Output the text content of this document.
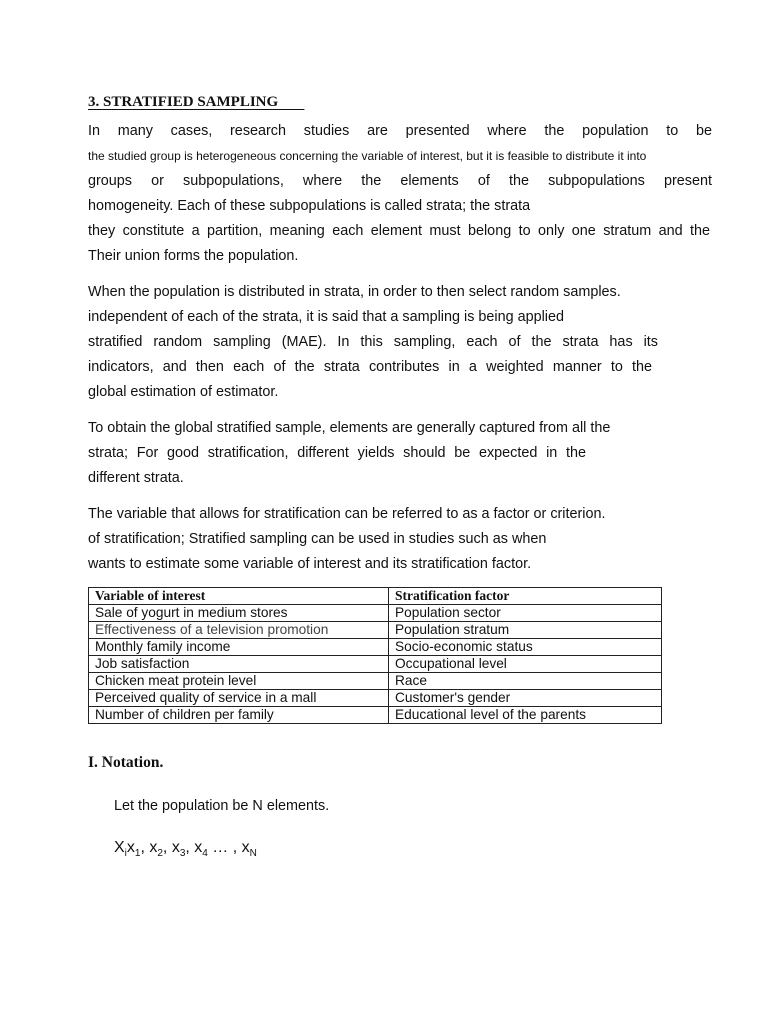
3. STRATIFIED SAMPLING

In many cases, research studies are presented where the population to be

the studied group is heterogeneous concerning the variable of interest, but it is feasible to distribute it into

groups or subpopulations, where the elements of the subpopulations present

homogeneity. Each of these subpopulations is called strata; the strata

they constitute a partition, meaning each element must belong to only one stratum and the

Their union forms the population.

When the population is distributed in strata, in order to then select random samples.

independent of each of the strata, it is said that a sampling is being applied

stratified random sampling (MAE). In this sampling, each of the strata has its

indicators, and then each of the strata contributes in a weighted manner to the

global estimation of estimator.

To obtain the global stratified sample, elements are generally captured from all the

strata; For good stratification, different yields should be expected in the

different strata.

The variable that allows for stratification can be referred to as a factor or criterion.

of stratification; Stratified sampling can be used in studies such as when

wants to estimate some variable of interest and its stratification factor.

Variable of interest	Stratification factor
Sale of yogurt in medium stores	Population sector
Effectiveness of a television promotion	Population stratum
Monthly family income	Socio-economic status
Job satisfaction	Occupational level
Chicken meat protein level	Race
Perceived quality of service in a mall	Customer's gender
Number of children per family	Educational level of the parents
I. Notation.

Let the population be N elements.

$X_ix_1$, $x_2$, $x_3$, $x_4$ … , $x_N$
